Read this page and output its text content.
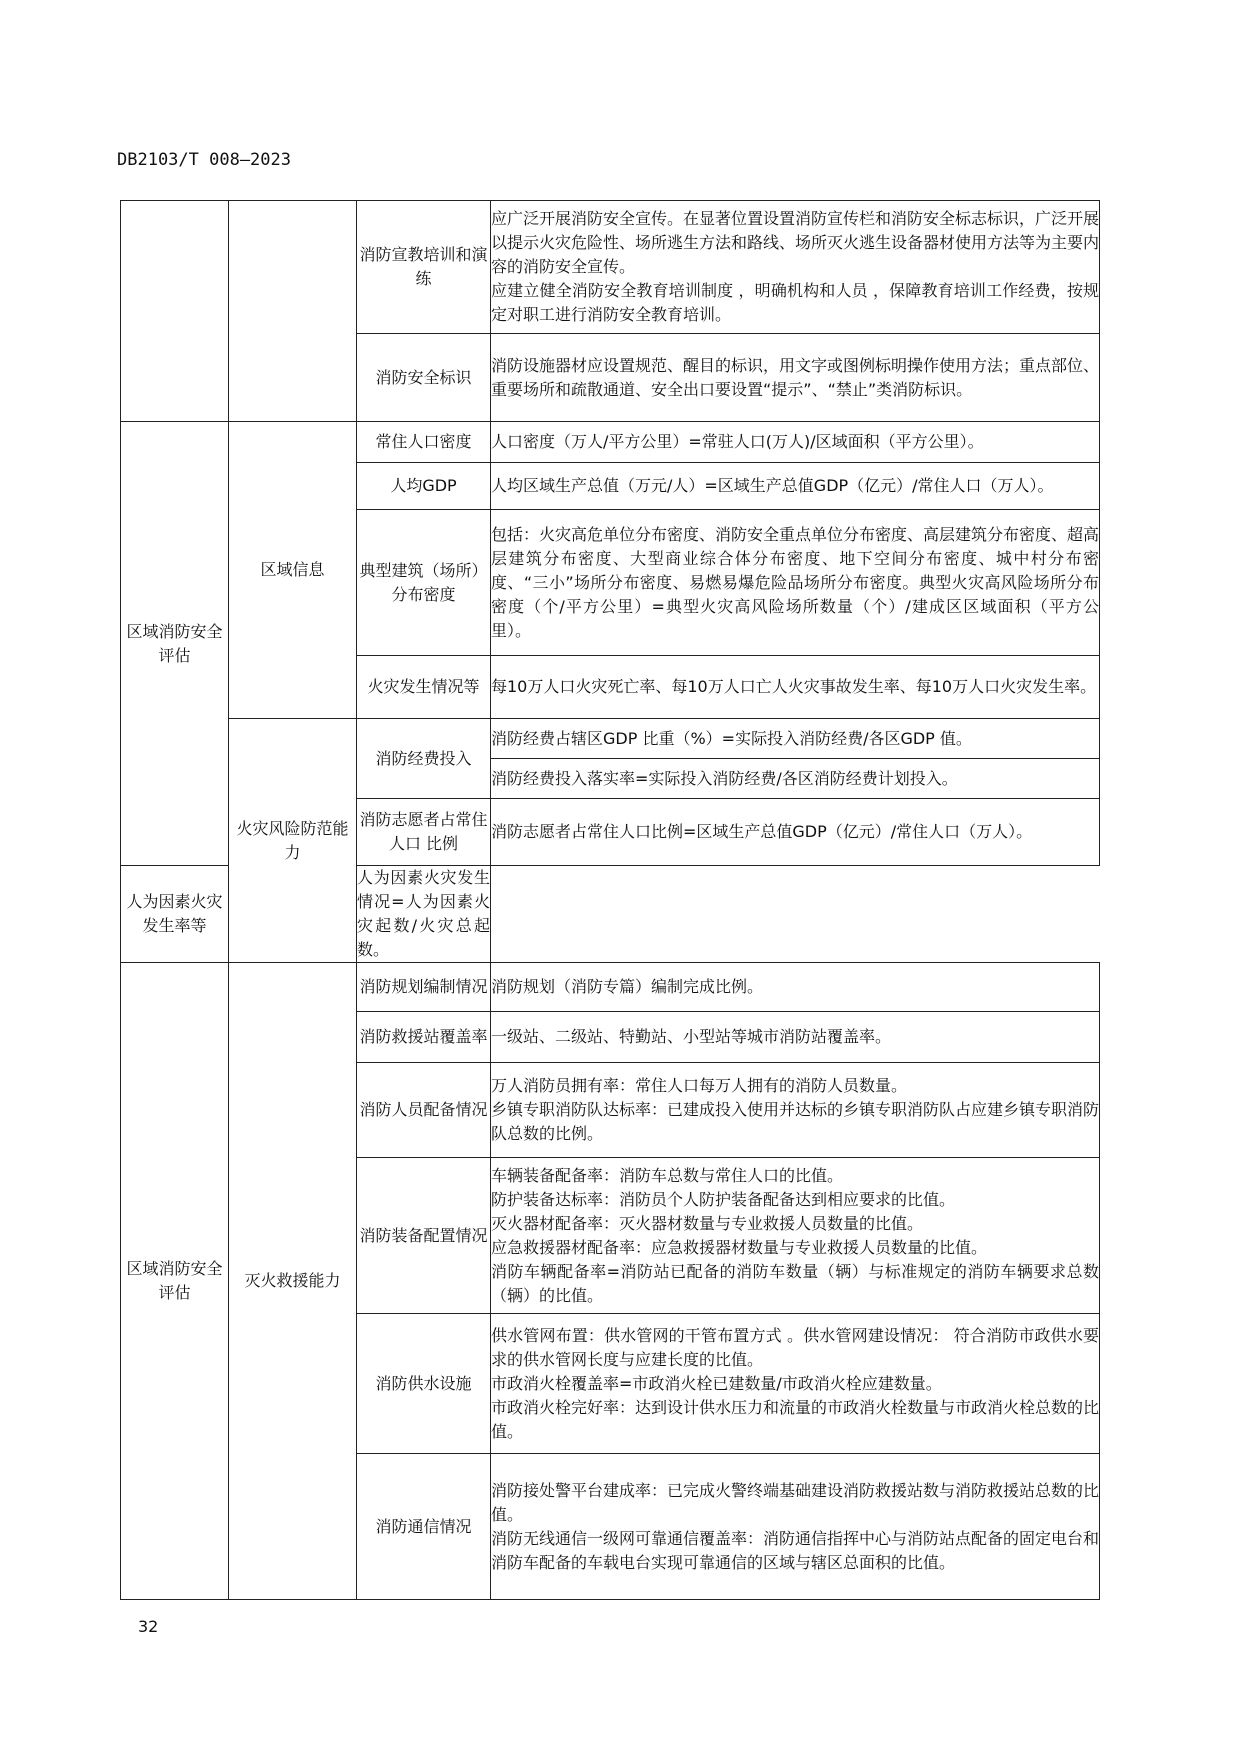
DB2103/T 008—2023
		消防宣教培训和演练	应广泛开展消防安全宣传。在显著位置设置消防宣传栏和消防安全标志标识，广泛开展以提示火灾危险性、场所逃生方法和路线、场所灭火逃生设备器材使用方法等为主要内容的消防安全宣传。
应建立健全消防安全教育培训制度 ，明确机构和人员 ，保障教育培训工作经费，按规定对职工进行消防安全教育培训。

		消防安全标识	消防设施器材应设置规范、醒目的标识，用文字或图例标明操作使用方法；重点部位、重要场所和疏散通道、安全出口要设置“提示”、“禁止”类消防标识。

区域消防安全评估	区域信息	常住人口密度	人口密度（万人/平方公里）=常驻人口(万人)/区域面积（平方公里）。
		人均GDP	人均区域生产总值（万元/人）=区域生产总值GDP（亿元）/常住人口（万人）。
		典型建筑（场所）分布密度	包括：火灾高危单位分布密度、消防安全重点单位分布密度、高层建筑分布密度、超高层建筑分布密度、大型商业综合体分布密度、地下空间分布密度、城中村分布密度、“三小”场所分布密度、易燃易爆危险品场所分布密度。典型火灾高风险场所分布密度（个/平方公里）=典型火灾高风险场所数量（个）/建成区区域面积（平方公里）。
		火灾发生情况等	每10万人口火灾死亡率、每10万人口亡人火灾事故发生率、每10万人口火灾发生率。
	火灾风险防范能力	消防经费投入	消防经费占辖区GDP 比重（%）=实际投入消防经费/各区GDP 值。
			消防经费投入落实率=实际投入消防经费/各区消防经费计划投入。
		消防志愿者占常住人口 比例	消防志愿者占常住人口比例=区域生产总值GDP（亿元）/常住人口（万人）。
人为因素火灾发生率等		人为因素火灾发生情况=人为因素火灾起数/火灾总起数。	
区域消防安全评估	灭火救援能力	消防规划编制情况	消防规划（消防专篇）编制完成比例。

		消防救援站覆盖率	一级站、二级站、特勤站、小型站等城市消防站覆盖率。

		消防人员配备情况	万人消防员拥有率：常住人口每万人拥有的消防人员数量。
乡镇专职消防队达标率：已建成投入使用并达标的乡镇专职消防队占应建乡镇专职消防队总数的比例。

		消防装备配置情况	车辆装备配备率：消防车总数与常住人口的比值。
防护装备达标率：消防员个人防护装备配备达到相应要求的比值。
灭火器材配备率：灭火器材数量与专业救援人员数量的比值。
应急救援器材配备率：应急救援器材数量与专业救援人员数量的比值。
消防车辆配备率=消防站已配备的消防车数量（辆）与标准规定的消防车辆要求总数（辆）的比值。

		消防供水设施	供水管网布置：供水管网的干管布置方式 。供水管网建设情况： 符合消防市政供水要求的供水管网长度与应建长度的比值。
市政消火栓覆盖率=市政消火栓已建数量/市政消火栓应建数量。
市政消火栓完好率：达到设计供水压力和流量的市政消火栓数量与市政消火栓总数的比值。

		消防通信情况	消防接处警平台建成率：已完成火警终端基础建设消防救援站数与消防救援站总数的比值。
消防无线通信一级网可靠通信覆盖率：消防通信指挥中心与消防站点配备的固定电台和消防车配备的车载电台实现可靠通信的区域与辖区总面积的比值。
32
